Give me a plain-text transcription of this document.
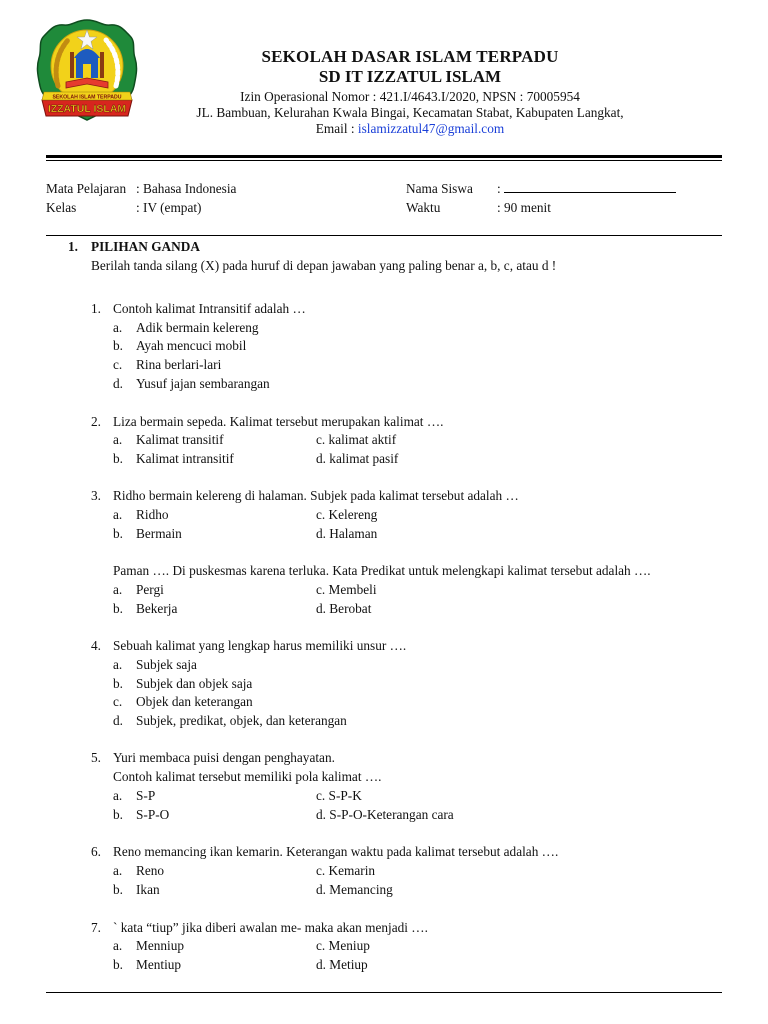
SEKOLAH ISLAM TERPADU
IZZATUL ISLAM
SEKOLAH DASAR ISLAM TERPADU
SD IT IZZATUL ISLAM
Izin Operasional Nomor : 421.I/4643.I/2020, NPSN : 70005954
JL. Bambuan, Kelurahan Kwala Bingai, Kecamatan Stabat, Kabupaten Langkat,
Email : islamizzatul47@gmail.com
Mata Pelajaran : Bahasa Indonesia
Kelas	: IV (empat)
Nama Siswa :
Waktu	: 90 menit
1. PILIHAN GANDA
Berilah tanda silang (X) pada huruf di depan jawaban yang paling benar a, b, c, atau d !
1. Contoh kalimat Intransitif adalah …
a. Adik bermain kelereng
b. Ayah mencuci mobil
c. Rina berlari-lari
d. Yusuf jajan sembarangan
2. Liza bermain sepeda. Kalimat tersebut merupakan kalimat ….
a. Kalimat transitif	c. kalimat aktif
b. Kalimat intransitif	d. kalimat pasif
3. Ridho bermain kelereng di halaman. Subjek pada kalimat tersebut adalah …
a. Ridho	c. Kelereng
b. Bermain	d. Halaman
Paman …. Di puskesmas karena terluka. Kata Predikat untuk melengkapi kalimat tersebut adalah ….
a. Pergi	c. Membeli
b. Bekerja	d. Berobat
4. Sebuah kalimat yang lengkap harus memiliki unsur ….
a. Subjek saja
b. Subjek dan objek saja
c. Objek dan keterangan
d. Subjek, predikat, objek, dan keterangan
5. Yuri membaca puisi dengan penghayatan.
Contoh kalimat tersebut memiliki pola kalimat ….
a. S-P	c. S-P-K
b. S-P-O	d. S-P-O-Keterangan cara
6. Reno memancing ikan kemarin. Keterangan waktu pada kalimat tersebut adalah ….
a. Reno	c. Kemarin
b. Ikan	d. Memancing
7. ` kata “tiup” jika diberi awalan me- maka akan menjadi ….
a. Menniup	c. Meniup
b. Mentiup	d. Metiup
